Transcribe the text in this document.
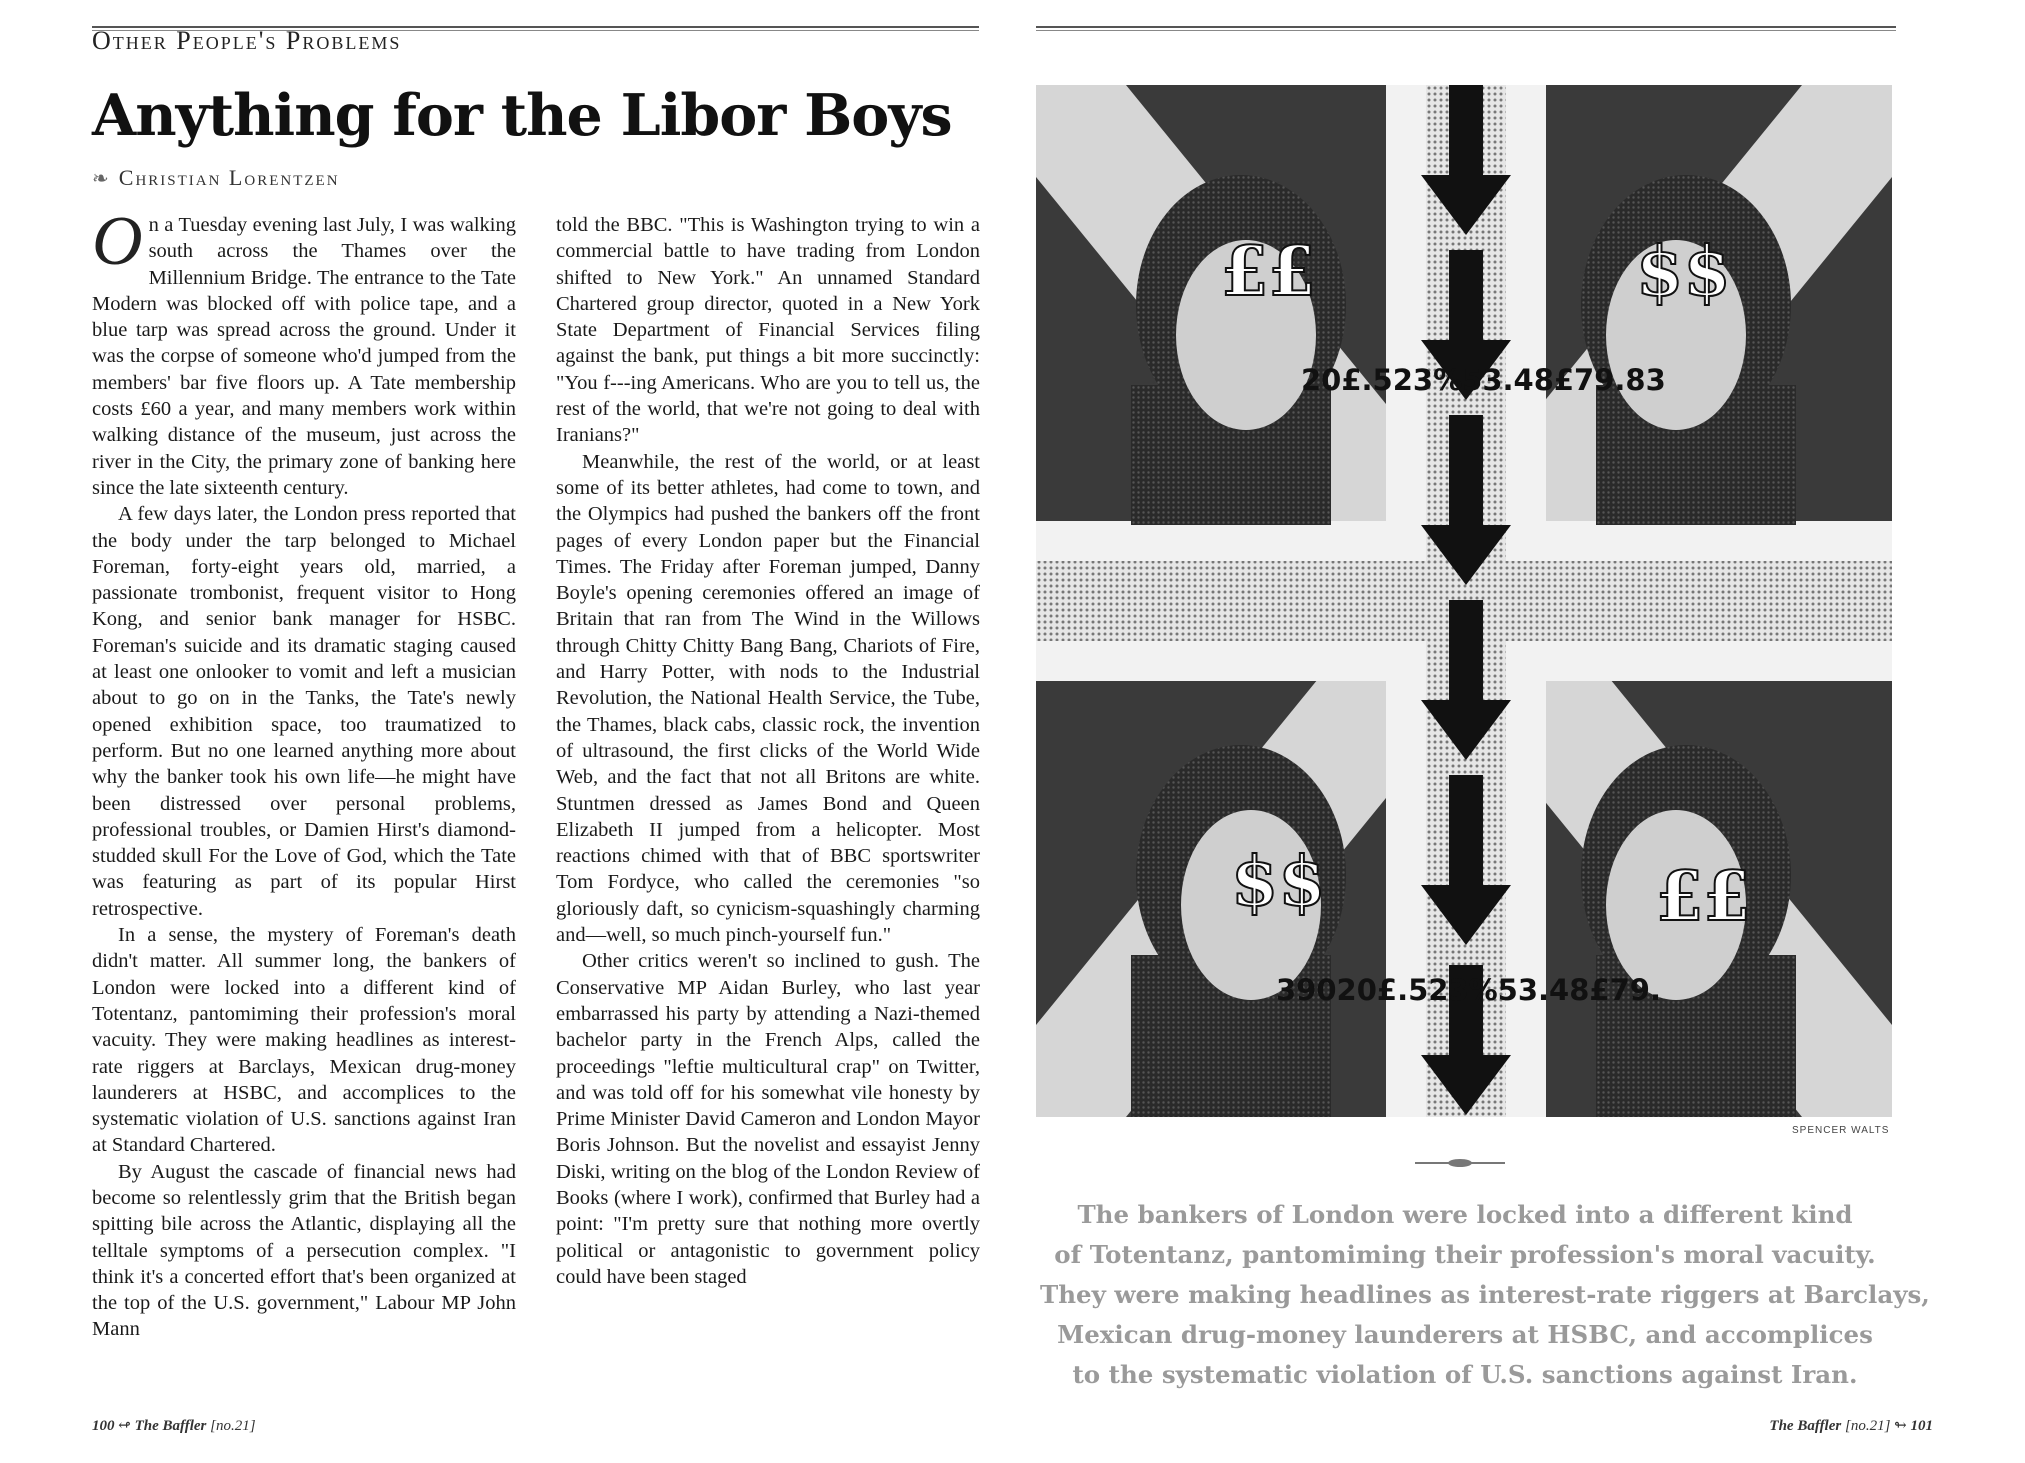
Other People's Problems
Anything for the Libor Boys
❧ Christian Lorentzen

On a Tuesday evening last July, I was walking south across the Thames over the Millennium Bridge. The entrance to the Tate Modern was blocked off with police tape, and a blue tarp was spread across the ground. Under it was the corpse of someone who'd jumped from the members' bar five floors up. A Tate membership costs £60 a year, and many members work within walking distance of the museum, just across the river in the City, the primary zone of banking here since the late sixteenth century.

A few days later, the London press reported that the body under the tarp belonged to Michael Foreman, forty-eight years old, married, a passionate trombonist, frequent visitor to Hong Kong, and senior bank manager for HSBC. Foreman's suicide and its dramatic staging caused at least one onlooker to vomit and left a musician about to go on in the Tanks, the Tate's newly opened exhibition space, too traumatized to perform. But no one learned anything more about why the banker took his own life—he might have been distressed over personal problems, professional troubles, or Damien Hirst's diamond-studded skull For the Love of God, which the Tate was featuring as part of its popular Hirst retrospective.

In a sense, the mystery of Foreman's death didn't matter. All summer long, the bankers of London were locked into a different kind of Totentanz, pantomiming their profession's moral vacuity. They were making headlines as interest-rate riggers at Barclays, Mexican drug-money launderers at HSBC, and accomplices to the systematic violation of U.S. sanctions against Iran at Standard Chartered.

By August the cascade of financial news had become so relentlessly grim that the British began spitting bile across the Atlantic, displaying all the telltale symptoms of a persecution complex. "I think it's a concerted effort that's been organized at the top of the U.S. government," Labour MP John Mann

told the BBC. "This is Washington trying to win a commercial battle to have trading from London shifted to New York." An unnamed Standard Chartered group director, quoted in a New York State Department of Financial Services filing against the bank, put things a bit more succinctly: "You f---ing Americans. Who are you to tell us, the rest of the world, that we're not going to deal with Iranians?"

Meanwhile, the rest of the world, or at least some of its better athletes, had come to town, and the Olympics had pushed the bankers off the front pages of every London paper but the Financial Times. The Friday after Foreman jumped, Danny Boyle's opening ceremonies offered an image of Britain that ran from The Wind in the Willows through Chitty Chitty Bang Bang, Chariots of Fire, and Harry Potter, with nods to the Industrial Revolution, the National Health Service, the Tube, the Thames, black cabs, classic rock, the invention of ultrasound, the first clicks of the World Wide Web, and the fact that not all Britons are white. Stuntmen dressed as James Bond and Queen Elizabeth II jumped from a helicopter. Most reactions chimed with that of BBC sportswriter Tom Fordyce, who called the ceremonies "so gloriously daft, so cynicism-squashingly charming and—well, so much pinch-yourself fun."

Other critics weren't so inclined to gush. The Conservative MP Aidan Burley, who last year embarrassed his party by attending a Nazi-themed bachelor party in the French Alps, called the proceedings "leftie multicultural crap" on Twitter, and was told off for his somewhat vile honesty by Prime Minister David Cameron and London Mayor Boris Johnson. But the novelist and essayist Jenny Diski, writing on the blog of the London Review of Books (where I work), confirmed that Burley had a point: "I'm pretty sure that nothing more overtly political or antagonistic to government policy could have been staged

100 ↫ The Baffler [no.21]
££	$$
$$	££
20£.523%53.48£79.83
39020£.523%53.48£79.
SPENCER WALTS
The bankers of London were locked into a different kind
of Totentanz, pantomiming their profession's moral vacuity.
They were making headlines as interest-rate riggers at Barclays,
Mexican drug-money launderers at HSBC, and accomplices
to the systematic violation of U.S. sanctions against Iran.
The Baffler [no.21] ↬ 101
